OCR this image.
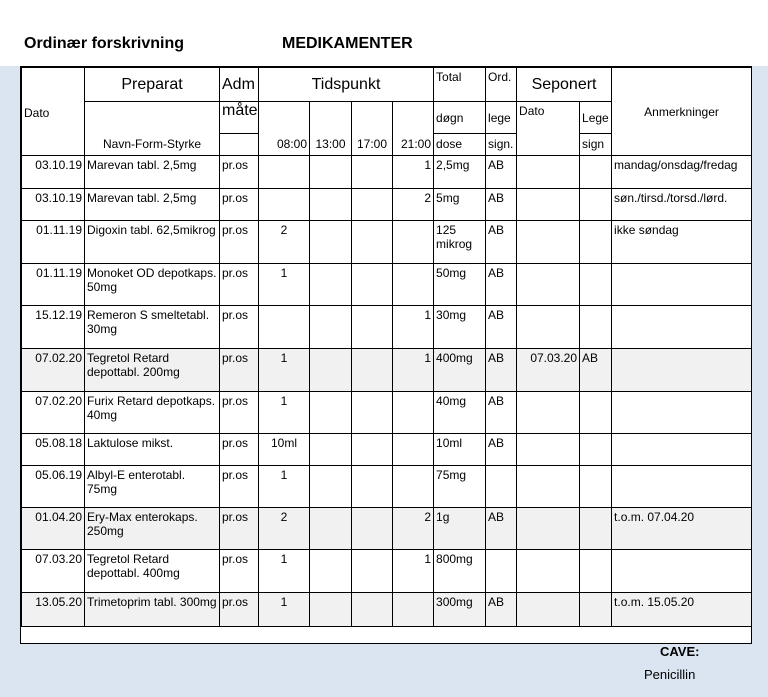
Ordinær forskrivning	MEDIKAMENTER
Dato	Preparat	Adm	Tidspunkt				Total	Ord.	Seponert		Anmerkninger
	Navn-Form-Styrke	måte	08:00	13:00	17:00	21:00	døgn	lege	Dato	Lege	
							dose	sign.		sign	
03.10.19	Marevan tabl. 2,5mg	pr.os				1	2,5mg	AB			mandag/onsdag/fredag
03.10.19	Marevan tabl. 2,5mg	pr.os				2	5mg	AB			søn./tirsd./torsd./lørd.
01.11.19	Digoxin tabl. 62,5mikrog	pr.os	2				125 mikrog	AB			ikke søndag
01.11.19	Monoket OD depotkaps. 50mg	pr.os	1				50mg	AB			
15.12.19	Remeron S smeltetabl. 30mg	pr.os				1	30mg	AB			
07.02.20	Tegretol Retard depottabl. 200mg	pr.os	1			1	400mg	AB	07.03.20	AB	
07.02.20	Furix Retard depotkaps. 40mg	pr.os	1				40mg	AB			
05.08.18	Laktulose mikst.	pr.os	10ml				10ml	AB			
05.06.19	Albyl-E enterotabl. 75mg	pr.os	1				75mg				
01.04.20	Ery-Max enterokaps. 250mg	pr.os	2			2	1g	AB			t.o.m. 07.04.20
07.03.20	Tegretol Retard depottabl. 400mg	pr.os	1			1	800mg				
13.05.20	Trimetoprim tabl. 300mg	pr.os	1				300mg	AB			t.o.m. 15.05.20
CAVE:
Penicillin
